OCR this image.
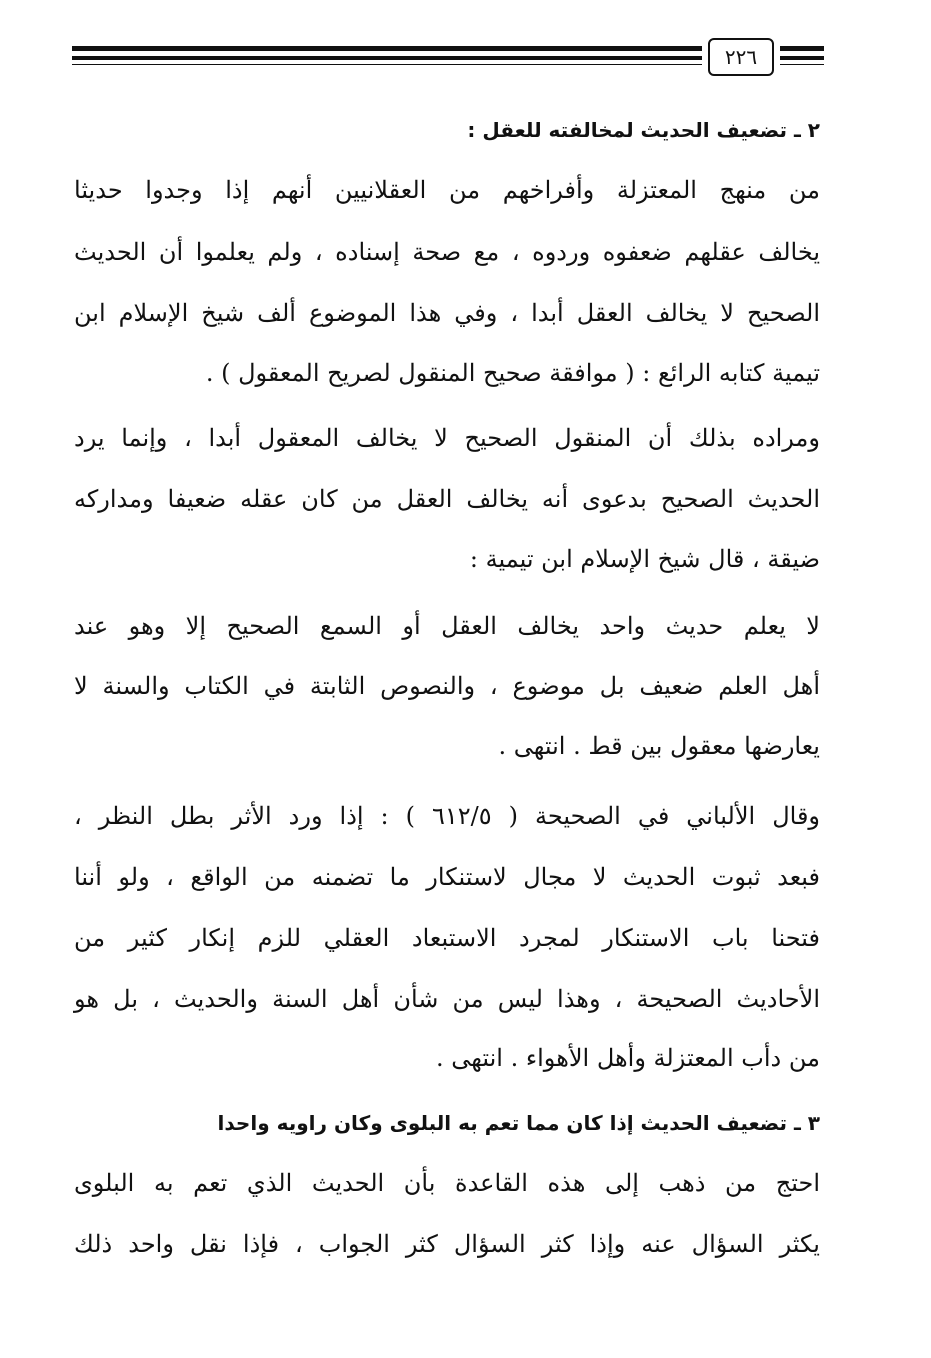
٢٢٦
٢ ـ تضعيف الحديث لمخالفته للعقل :
من منهج المعتزلة وأفراخهم من العقلانيين أنهم إذا وجدوا حديثا
يخالف عقلهم ضعفوه وردوه ، مع صحة إسناده ، ولم يعلموا أن الحديث
الصحيح لا يخالف العقل أبدا ، وفي هذا الموضوع ألف شيخ الإسلام ابن
تيمية كتابه الرائع : ( موافقة صحيح المنقول لصريح المعقول ) .
ومراده بذلك أن المنقول الصحيح لا يخالف المعقول أبدا ، وإنما يرد
الحديث الصحيح بدعوى أنه يخالف العقل من كان عقله ضعيفا ومداركه
ضيقة ، قال شيخ الإسلام ابن تيمية :
لا يعلم حديث واحد يخالف العقل أو السمع الصحيح إلا وهو عند
أهل العلم ضعيف بل موضوع ، والنصوص الثابتة في الكتاب والسنة لا
يعارضها معقول بين قط . انتهى .
وقال الألباني في الصحيحة ( ٦١٢/٥ ) : إذا ورد الأثر بطل النظر ،
فبعد ثبوت الحديث لا مجال لاستنكار ما تضمنه من الواقع ، ولو أننا
فتحنا باب الاستنكار لمجرد الاستبعاد العقلي للزم إنكار كثير من
الأحاديث الصحيحة ، وهذا ليس من شأن أهل السنة والحديث ، بل هو
من دأب المعتزلة وأهل الأهواء . انتهى .
٣ ـ تضعيف الحديث إذا كان مما تعم به البلوى وكان راويه واحدا
احتج من ذهب إلى هذه القاعدة بأن الحديث الذي تعم به البلوى
يكثر السؤال عنه وإذا كثر السؤال كثر الجواب ، فإذا نقل واحد ذلك
